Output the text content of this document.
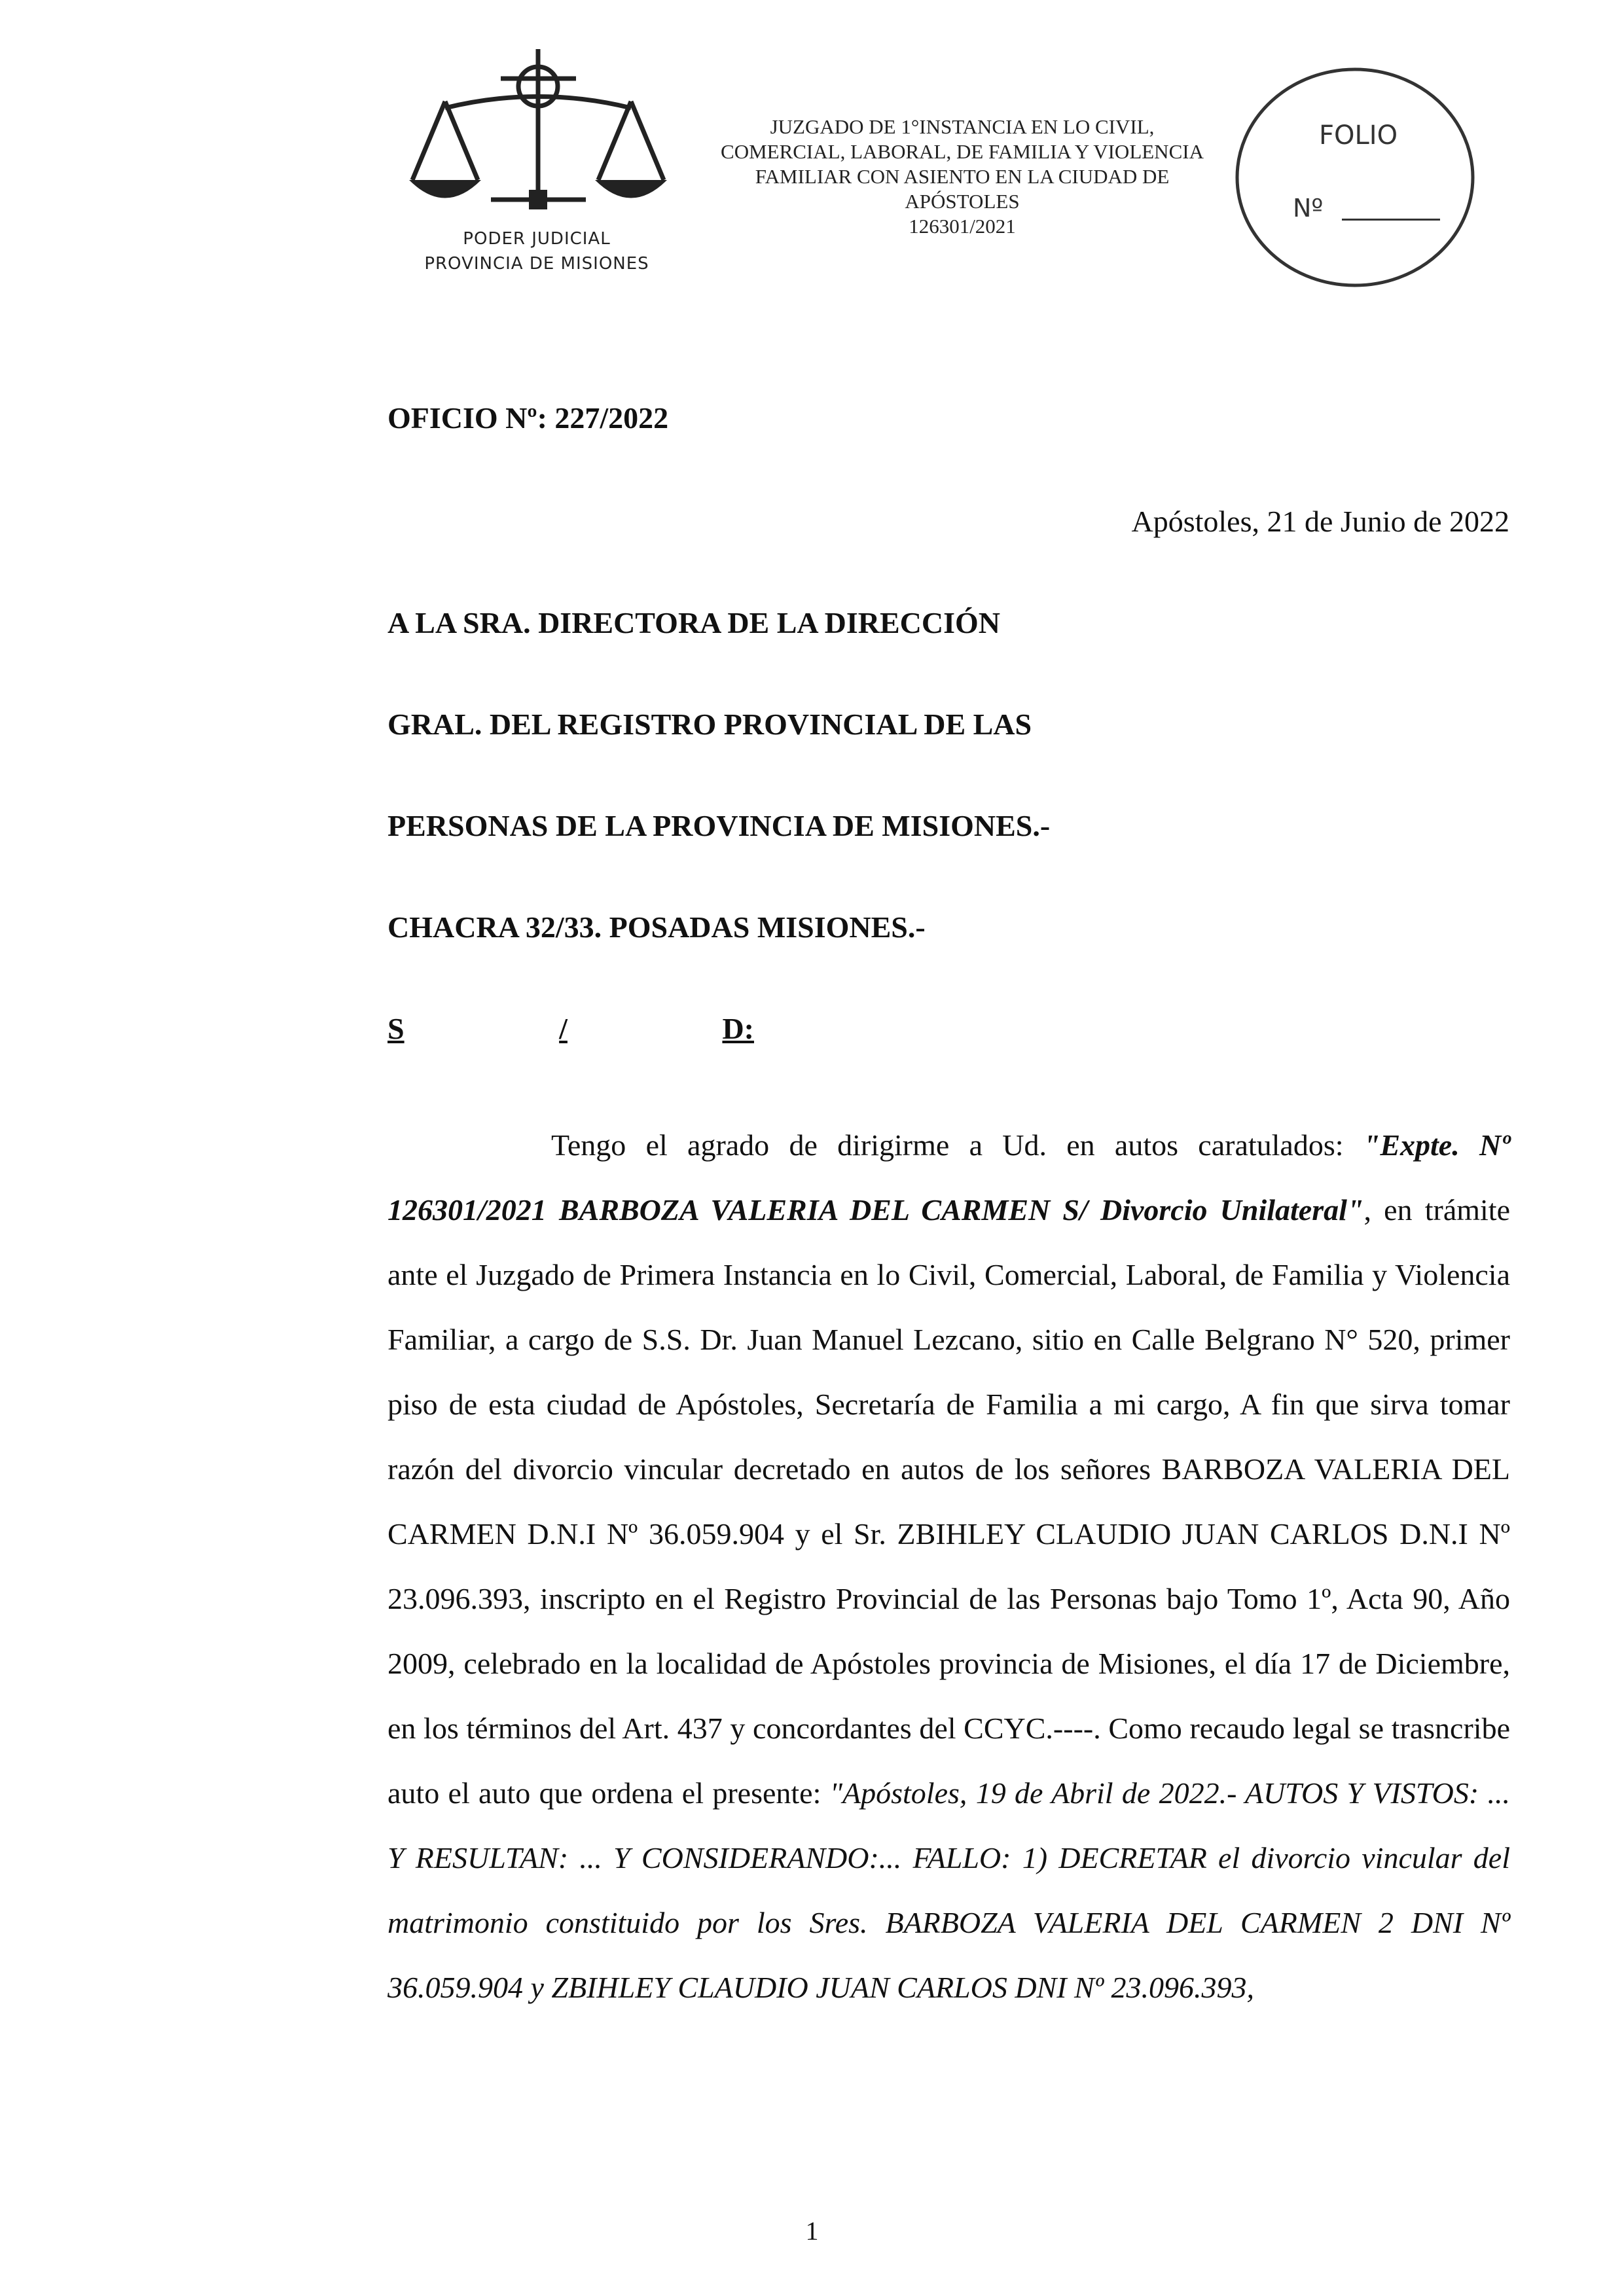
PODER JUDICIAL
PROVINCIA DE MISIONES
JUZGADO DE 1°INSTANCIA EN LO CIVIL,
COMERCIAL, LABORAL, DE FAMILIA Y VIOLENCIA
FAMILIAR CON ASIENTO EN LA CIUDAD DE
APÓSTOLES
126301/2021
FOLIO
Nº
OFICIO Nº: 227/2022
Apóstoles, 21 de Junio de 2022
A LA SRA. DIRECTORA DE LA DIRECCIÓN
GRAL. DEL REGISTRO PROVINCIAL DE LAS
PERSONAS DE LA PROVINCIA DE MISIONES.-
CHACRA 32/33. POSADAS MISIONES.-
S	/	D:

Tengo el agrado de dirigirme a Ud. en autos caratulados: "Expte. Nº 126301/2021 BARBOZA VALERIA DEL CARMEN S/ Divorcio Unilateral", en trámite ante el Juzgado de Primera Instancia en lo Civil, Comercial, Laboral, de Familia y Violencia Familiar, a cargo de S.S. Dr. Juan Manuel Lezcano, sitio en Calle Belgrano N° 520, primer piso de esta ciudad de Apóstoles, Secretaría de Familia a mi cargo, A fin que sirva tomar razón del divorcio vincular decretado en autos de los señores BARBOZA VALERIA DEL CARMEN D.N.I Nº 36.059.904 y el Sr. ZBIHLEY CLAUDIO JUAN CARLOS D.N.I Nº 23.096.393, inscripto en el Registro Provincial de las Personas bajo Tomo 1º, Acta 90, Año 2009, celebrado en la localidad de Apóstoles provincia de Misiones, el día 17 de Diciembre, en los términos del Art. 437 y concordantes del CCYC.----. Como recaudo legal se trasncribe auto el auto que ordena el presente: "Apóstoles, 19 de Abril de 2022.- AUTOS Y VISTOS: ... Y RESULTAN: ... Y CONSIDERANDO:... FALLO: 1) DECRETAR el divorcio vincular del matrimonio constituido por los Sres. BARBOZA VALERIA DEL CARMEN 2 DNI Nº 36.059.904 y ZBIHLEY CLAUDIO JUAN CARLOS DNI Nº 23.096.393,

1
